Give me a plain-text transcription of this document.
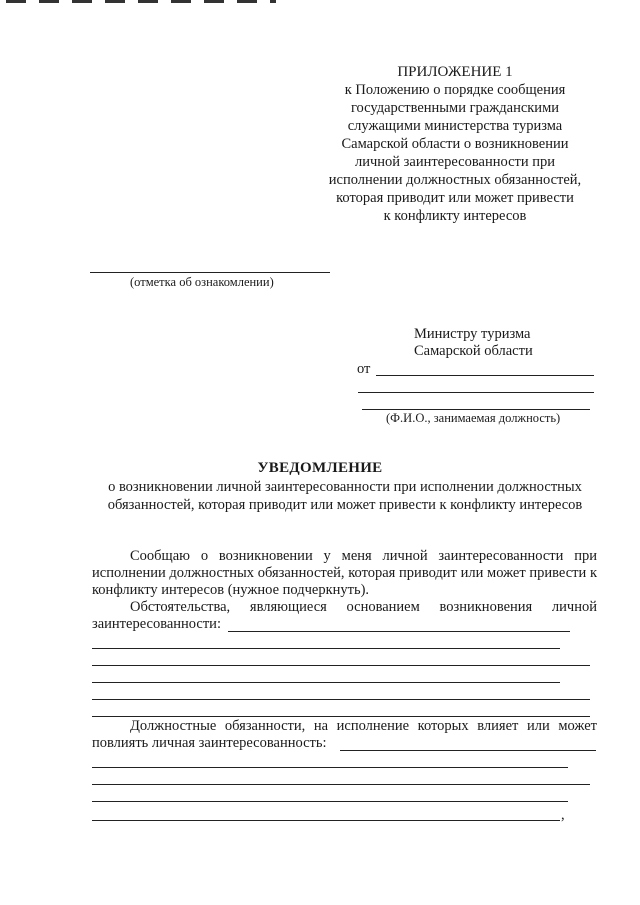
ПРИЛОЖЕНИЕ 1
к Положению о порядке сообщения
государственными гражданскими
служащими министерства туризма
Самарской области о возникновении
личной заинтересованности при
исполнении должностных обязанностей,
которая приводит или может привести
к конфликту интересов
(отметка об ознакомлении)
Министру туризма
Самарской области
от
(Ф.И.О., занимаемая должность)
УВЕДОМЛЕНИЕ
о возникновении личной заинтересованности при исполнении должностных
обязанностей, которая приводит или может привести к конфликту интересов
Сообщаю о возникновении у меня личной заинтересованности при исполнении должностных обязанностей, которая приводит или может привести к конфликту интересов (нужное подчеркнуть).
Обстоятельства, являющиеся основанием возникновения личной
заинтересованности:
Должностные обязанности, на исполнение которых влияет или может
повлиять личная заинтересованность:
,
